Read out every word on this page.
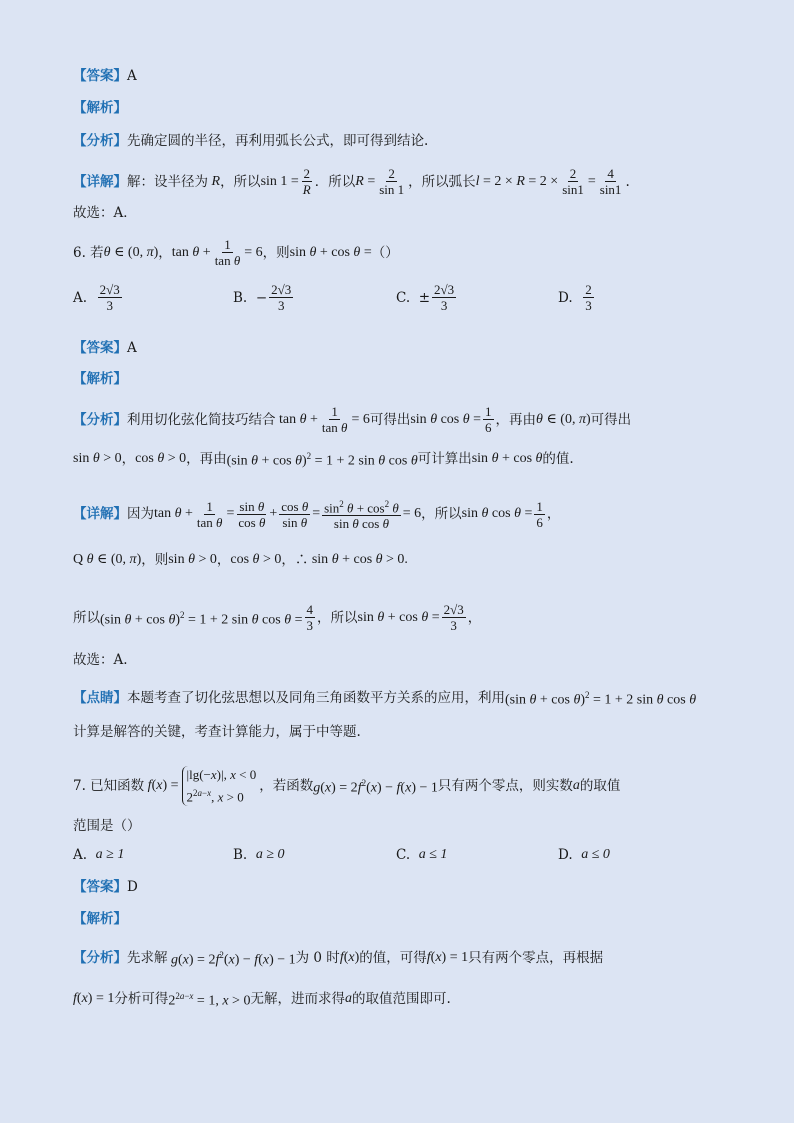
【答案】 A
【解析】
【分析】 先确定圆的半径，再利用弧长公式，即可得到结论.
【详解】 解：设半径为 R ，所以 $\sin 1 = \frac{2}{R}$ ．所以 $R = \frac{2}{\sin 1}$ ，所以弧长 $l = 2 \times R = 2 \times \frac{2}{\sin 1} = \frac{4}{\sin 1}$ .
故选：A．
6. 若 θ ∈ (0, π) ， $\tan \theta + \frac{1}{\text{tan θ}} = 6$ ，则 sin θ + cos θ = （）
A.
$\frac{2√3}{3}$	B.
− $\frac{2√3}{3}$	C.
± $\frac{2√3}{3}$	D.
$\frac{2}{3}$
【答案】 A
【解析】
【分析】 利用切化弦化简技巧结合 $\tan \theta + \frac{1}{\text{tan θ}} = 6$ 可得出 sin θ $\cos \theta = \frac{1}{6}$ ，再由 θ ∈ (0, π) 可得出
sin θ > 0 ， cos θ > 0 ，再由 (sin θ + cos θ)$^2$ = 1 + 2 sin θ cos θ 可计算出 sin θ + cos θ 的值.
【详解】 因为 $\tan \theta + \frac{1}{\text{tan θ}} = \frac{\text{sin θ}}{\text{cos θ}} + \frac{\text{cos θ}}{\text{sin θ}} = \frac{\sin^2 \theta + \cos^2 \theta}{\text{sin θ cos θ}} = 6$ ，所以 sin θ $\cos \theta = \frac{1}{6}$ ，
Q θ ∈ (0, π) ，则 sin θ > 0 ， cos θ > 0 ，∴ sin θ + cos θ > 0.
所以 (sin θ + cos θ)$^2$ = 1 + 2 sin θ $\cos \theta = \frac{4}{3}$ ，所以 $\sin \theta + \cos \theta = \frac{2√3}{3}$ ，
故选：A.
【点睛】 本题考查了切化弦思想以及同角三角函数平方关系的应用，利用 (sin θ + cos θ)$^2$ = 1 + 2 sin θ cos θ
计算是解答的关键，考查计算能力，属于中等题.
7. 已知函数 f(x) =
|lg(−x)|, x < 0
$2^{2a-x}$, x > 0
，若函数 $g(x) = 2f^2(x) - f(x) - 1$ 只有两个零点，则实数 a 的取值
范围是（）
A.
a ≥ 1	B.
a ≥ 0	C.
a ≤ 1	D.
a ≤ 0
【答案】 D
【解析】
【分析】 先求解 $g(x) = 2f^2(x) - f(x) - 1$ 为 0 时 f(x) 的值，可得 f(x) = 1 只有两个零点，再根据
f(x) = 1 分析可得 $2^{2a-x} = 1$, x > 0 无解，进而求得 a 的取值范围即可.
